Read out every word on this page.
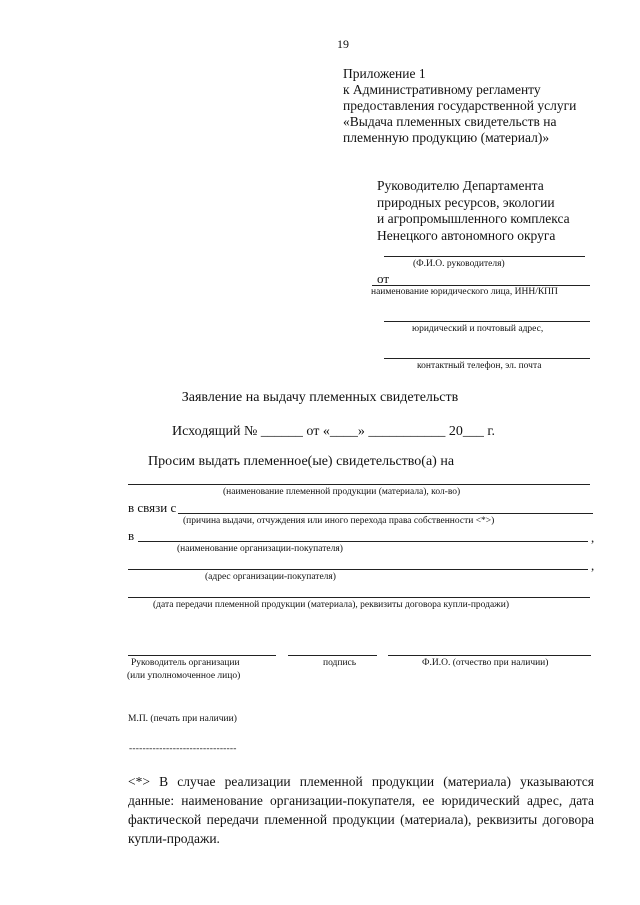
19
Приложение 1
к Административному регламенту
предоставления государственной услуги
«Выдача племенных свидетельств на
племенную продукцию (материал)»
Руководителю Департамента
природных ресурсов, экологии
и агропромышленного комплекса
Ненецкого автономного округа
(Ф.И.О. руководителя)
от
наименование юридического лица, ИНН/КПП
юридический и почтовый адрес,
контактный телефон, эл. почта
Заявление на выдачу племенных свидетельств
Исходящий № ______ от «____» ___________ 20___ г.
Просим выдать племенное(ые) свидетельство(а) на
(наименование племенной продукции (материала), кол-во)
в связи с
(причина выдачи, отчуждения или иного перехода права собственности <*>)
в	,
(наименование организации-покупателя)
,
(адрес организации-покупателя)
(дата передачи племенной продукции (материала), реквизиты договора купли-продажи)
Руководитель организации
(или уполномоченное лицо)
подпись	Ф.И.О. (отчество при наличии)
М.П. (печать при наличии)
--------------------------------
<*> В случае реализации племенной продукции (материала) указываются данные: наименование организации-покупателя, ее юридический адрес, дата фактической передачи племенной продукции (материала), реквизиты договора купли-продажи.
